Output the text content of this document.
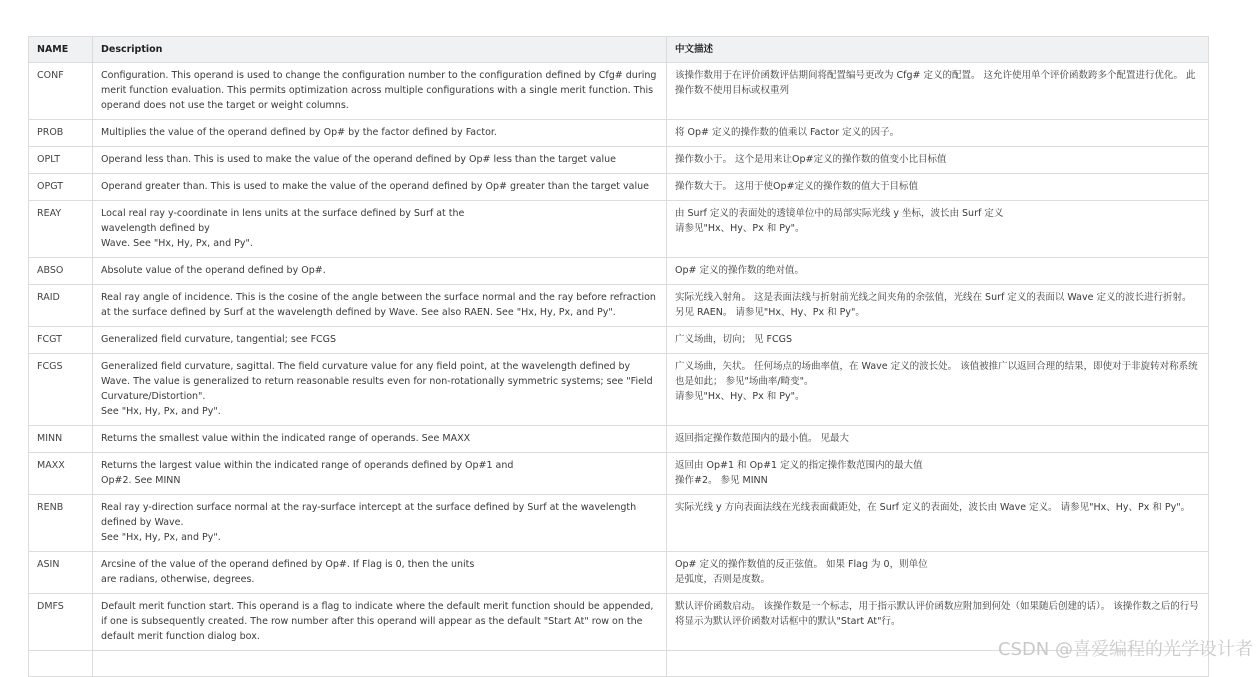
NAME	Description	中文描述
CONF	Configuration. This operand is used to change the configuration number to the configuration defined by Cfg# during merit function evaluation. This permits optimization across multiple configurations with a single merit function. This operand does not use the target or weight columns.	该操作数用于在评价函数评估期间将配置编号更改为 Cfg# 定义的配置。 这允许使用单个评价函数跨多个配置进行优化。 此操作数不使用目标或权重列

PROB	Multiplies the value of the operand defined by Op# by the factor defined by Factor.	将 Op# 定义的操作数的值乘以 Factor 定义的因子。

OPLT	Operand less than. This is used to make the value of the operand defined by Op# less than the target value	操作数小于。 这个是用来让Op#定义的操作数的值变小比目标值

OPGT	Operand greater than. This is used to make the value of the operand defined by Op# greater than the target value	操作数大于。 这用于使Op#定义的操作数的值大于目标值

REAY	Local real ray y-coordinate in lens units at the surface defined by Surf at the
wavelength defined by
Wave. See "Hx, Hy, Px, and Py".	由 Surf 定义的表面处的透镜单位中的局部实际光线 y 坐标，波长由 Surf 定义
请参见"Hx、Hy、Px 和 Py"。

ABSO	Absolute value of the operand defined by Op#.	Op# 定义的操作数的绝对值。

RAID	Real ray angle of incidence. This is the cosine of the angle between the surface normal and the ray before refraction at the surface defined by Surf at the wavelength defined by Wave. See also RAEN. See "Hx, Hy, Px, and Py".	实际光线入射角。 这是表面法线与折射前光线之间夹角的余弦值，光线在 Surf 定义的表面以 Wave 定义的波长进行折射。 另见 RAEN。 请参见"Hx、Hy、Px 和 Py"。

FCGT	Generalized field curvature, tangential; see FCGS	广义场曲，切向； 见 FCGS

FCGS	Generalized field curvature, sagittal. The field curvature value for any field point, at the wavelength defined by Wave. The value is generalized to return reasonable results even for non-rotationally symmetric systems; see "Field Curvature/Distortion".
See "Hx, Hy, Px, and Py".	广义场曲，矢状。 任何场点的场曲率值，在 Wave 定义的波长处。 该值被推广以返回合理的结果，即使对于非旋转对称系统也是如此； 参见"场曲率/畸变"。
请参见"Hx、Hy、Px 和 Py"。

MINN	Returns the smallest value within the indicated range of operands. See MAXX	返回指定操作数范围内的最小值。 见最大

MAXX	Returns the largest value within the indicated range of operands defined by Op#1 and
Op#2. See MINN	返回由 Op#1 和 Op#1 定义的指定操作数范围内的最大值
操作#2。 参见 MINN

RENB	Real ray y-direction surface normal at the ray-surface intercept at the surface defined by Surf at the wavelength defined by Wave.
See "Hx, Hy, Px, and Py".	实际光线 y 方向表面法线在光线表面截距处，在 Surf 定义的表面处，波长由 Wave 定义。 请参见"Hx、Hy、Px 和 Py"。

ASIN	Arcsine of the value of the operand defined by Op#. If Flag is 0, then the units
are radians, otherwise, degrees.	Op# 定义的操作数值的反正弦值。 如果 Flag 为 0，则单位
是弧度，否则是度数。

DMFS	Default merit function start. This operand is a flag to indicate where the default merit function should be appended, if one is subsequently created. The row number after this operand will appear as the default "Start At" row on the default merit function dialog box.	默认评价函数启动。 该操作数是一个标志，用于指示默认评价函数应附加到何处（如果随后创建的话）。 该操作数之后的行号将显示为默认评价函数对话框中的默认"Start At"行。

CSDN @喜爱编程的光学设计者
